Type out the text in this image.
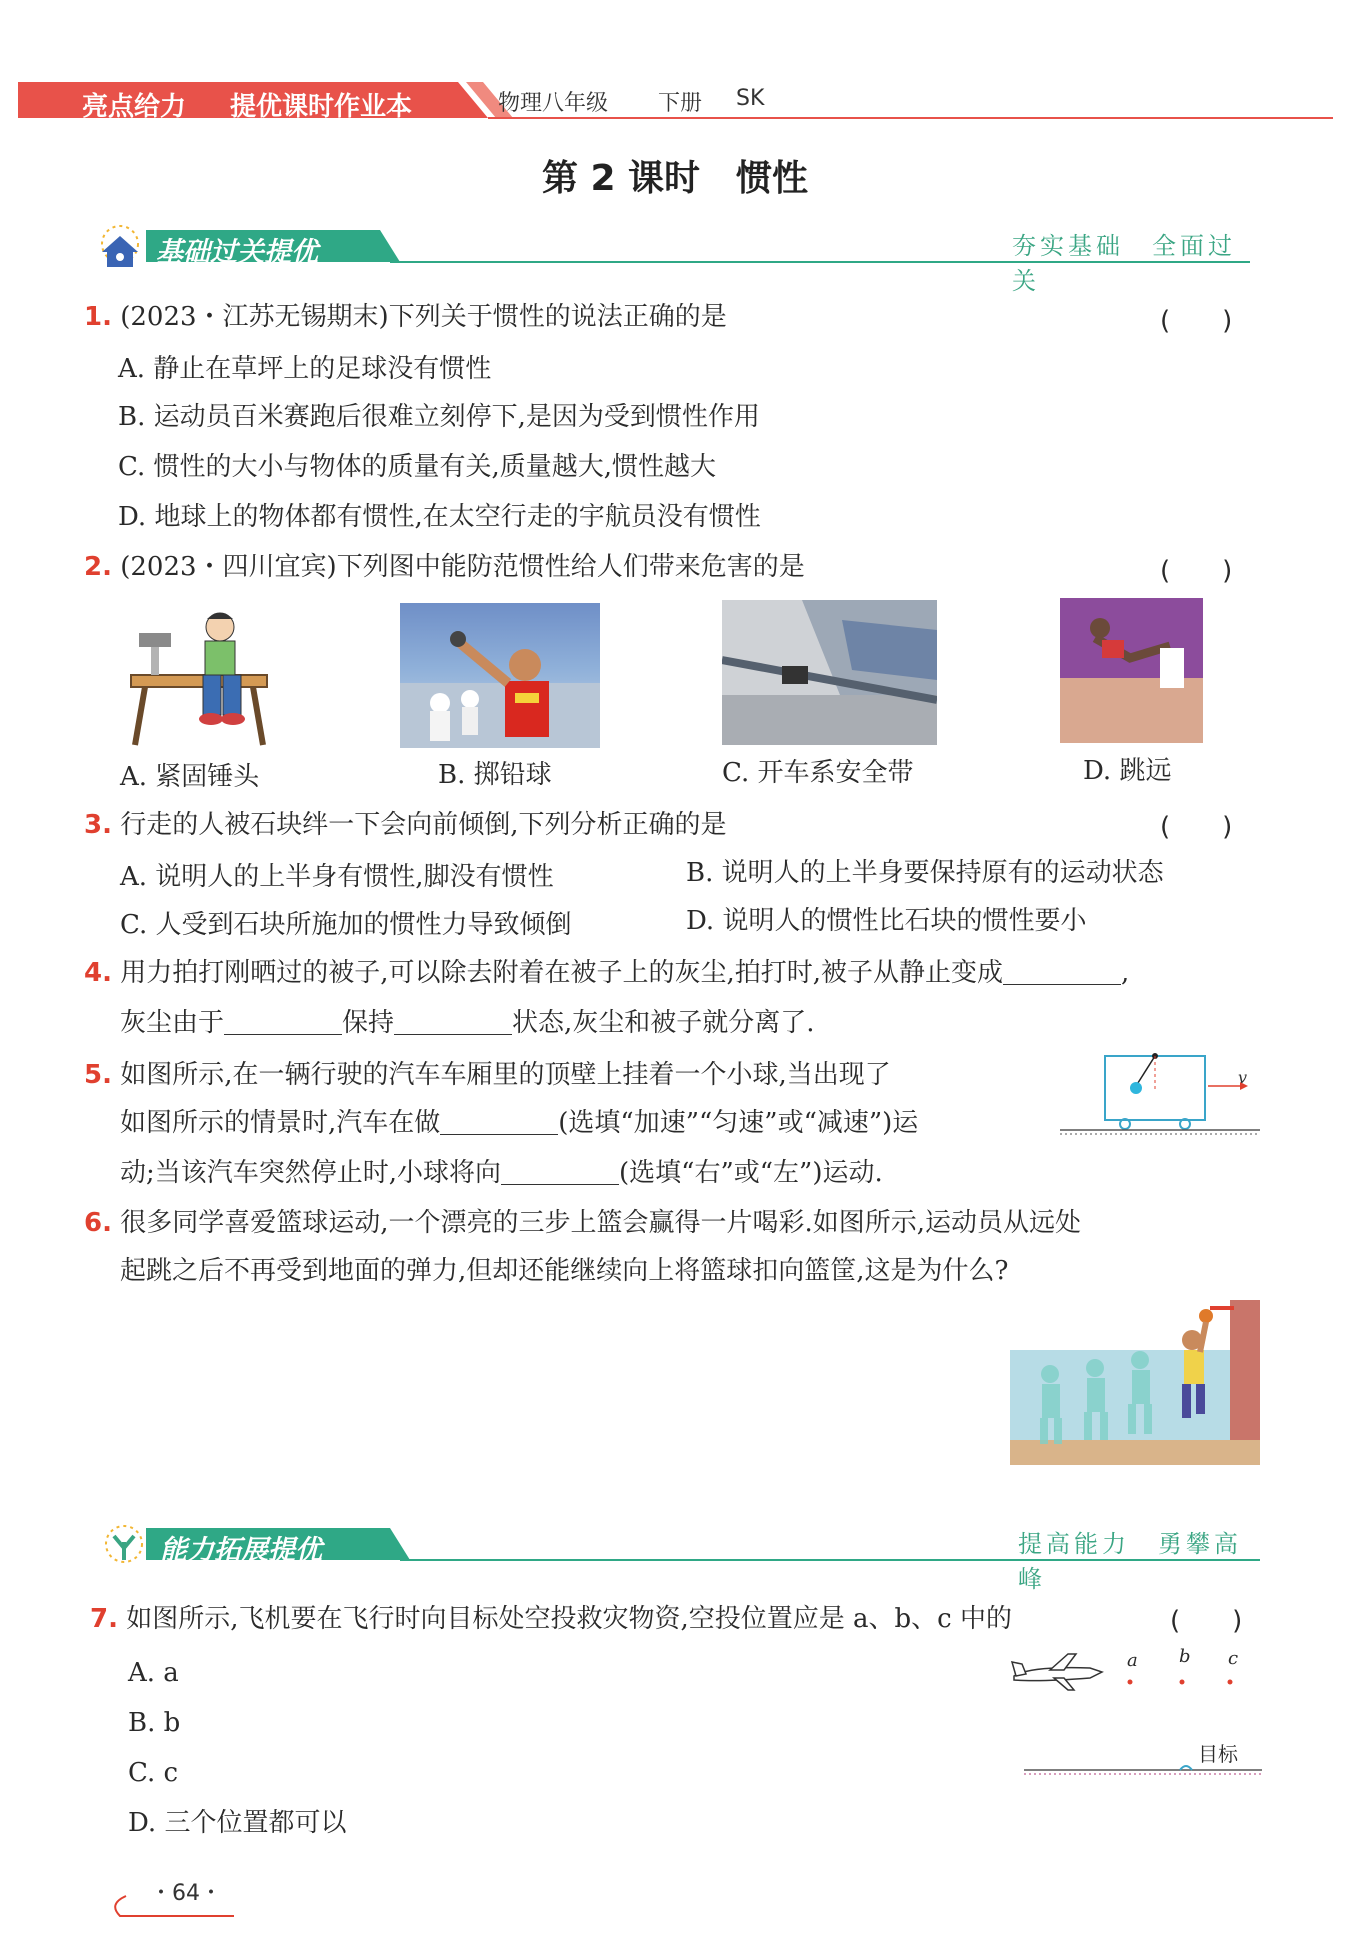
亮点给力 提优课时作业本	物理八年级 下册 SK
第 2 课时　惯性
基础过关提优	夯实基础　全面过关
1. (2023・江苏无锡期末)下列关于惯性的说法正确的是	(　　)
A. 静止在草坪上的足球没有惯性
B. 运动员百米赛跑后很难立刻停下,是因为受到惯性作用
C. 惯性的大小与物体的质量有关,质量越大,惯性越大
D. 地球上的物体都有惯性,在太空行走的宇航员没有惯性
2. (2023・四川宜宾)下列图中能防范惯性给人们带来危害的是	(　　)
A. 紧固锤头	B. 掷铅球	C. 开车系安全带	D. 跳远
3. 行走的人被石块绊一下会向前倾倒,下列分析正确的是	(　　)
A. 说明人的上半身有惯性,脚没有惯性	B. 说明人的上半身要保持原有的运动状态
C. 人受到石块所施加的惯性力导致倾倒	D. 说明人的惯性比石块的惯性要小
4. 用力拍打刚晒过的被子,可以除去附着在被子上的灰尘,拍打时,被子从静止变成	,
灰尘由于	保持	状态,灰尘和被子就分离了.
5. 如图所示,在一辆行驶的汽车车厢里的顶壁上挂着一个小球,当出现了
如图所示的情景时,汽车在做	(选填“加速”“匀速”或“减速”)运
动;当该汽车突然停止时,小球将向	(选填“右”或“左”)运动.
v
6. 很多同学喜爱篮球运动,一个漂亮的三步上篮会赢得一片喝彩.如图所示,运动员从远处
起跳之后不再受到地面的弹力,但却还能继续向上将篮球扣向篮筐,这是为什么?
能力拓展提优	提高能力　勇攀高峰
7. 如图所示,飞机要在飞行时向目标处空投救灾物资,空投位置应是 a、b、c 中的	(　　)
A. a
B. b
C. c
D. 三个位置都可以
a b c
目标
・64・
